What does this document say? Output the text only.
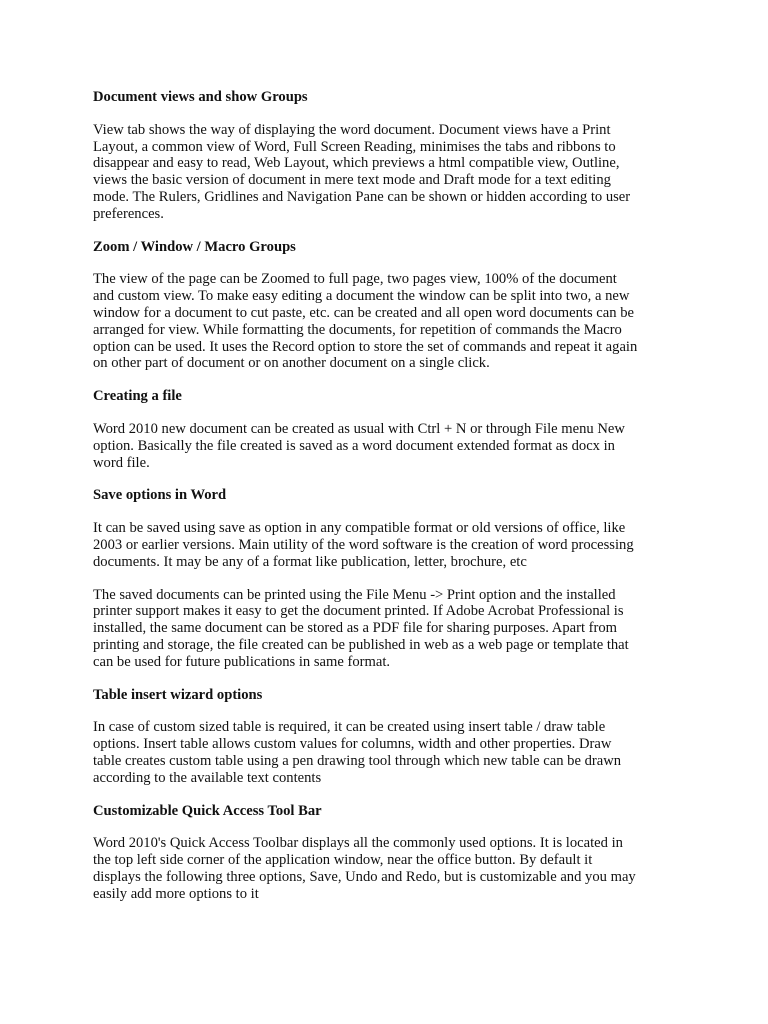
Document views and show Groups
View tab shows the way of displaying the word document. Document views have a Print
Layout, a common view of Word, Full Screen Reading, minimises the tabs and ribbons to
disappear and easy to read, Web Layout, which previews a html compatible view, Outline,
views the basic version of document in mere text mode and Draft mode for a text editing
mode. The Rulers, Gridlines and Navigation Pane can be shown or hidden according to user
preferences.
Zoom / Window / Macro Groups
The view of the page can be Zoomed to full page, two pages view, 100% of the document
and custom view. To make easy editing a document the window can be split into two, a new
window for a document to cut paste, etc. can be created and all open word documents can be
arranged for view. While formatting the documents, for repetition of commands the Macro
option can be used. It uses the Record option to store the set of commands and repeat it again
on other part of document or on another document on a single click.
Creating a file
Word 2010 new document can be created as usual with Ctrl + N or through File menu New
option. Basically the file created is saved as a word document extended format as docx in
word file.
Save options in Word
It can be saved using save as option in any compatible format or old versions of office, like
2003 or earlier versions. Main utility of the word software is the creation of word processing
documents. It may be any of a format like publication, letter, brochure, etc
The saved documents can be printed using the File Menu -> Print option and the installed
printer support makes it easy to get the document printed. If Adobe Acrobat Professional is
installed, the same document can be stored as a PDF file for sharing purposes. Apart from
printing and storage, the file created can be published in web as a web page or template that
can be used for future publications in same format.
Table insert wizard options
In case of custom sized table is required, it can be created using insert table / draw table
options. Insert table allows custom values for columns, width and other properties. Draw
table creates custom table using a pen drawing tool through which new table can be drawn
according to the available text contents
Customizable Quick Access Tool Bar
Word 2010's Quick Access Toolbar displays all the commonly used options. It is located in
the top left side corner of the application window, near the office button. By default it
displays the following three options, Save, Undo and Redo, but is customizable and you may
easily add more options to it
